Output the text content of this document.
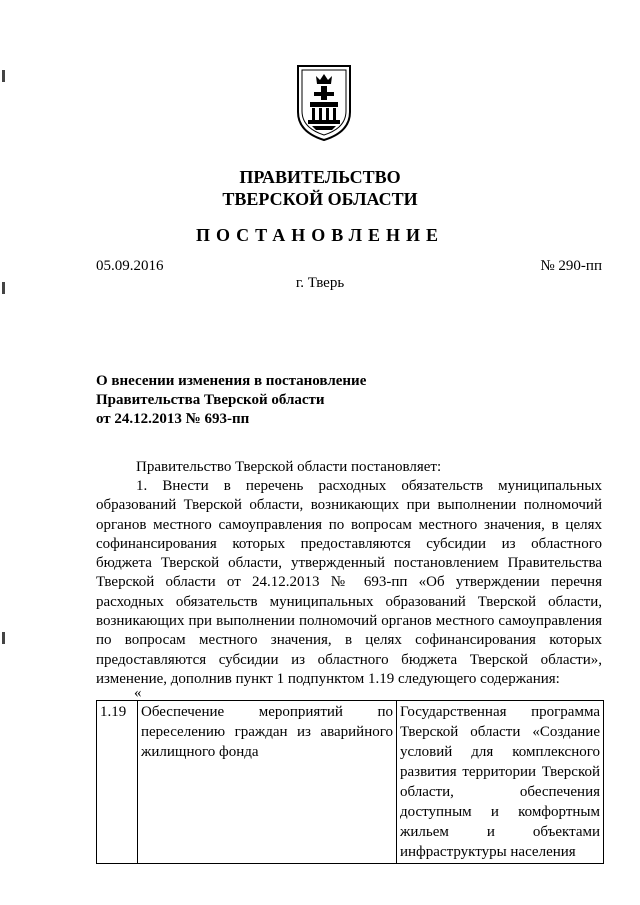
ПРАВИТЕЛЬСТВО
ТВЕРСКОЙ ОБЛАСТИ
ПОСТАНОВЛЕНИЕ
05.09.2016	№ 290-пп
г. Тверь
О внесении изменения в постановление
Правительства Тверской области
от 24.12.2013 № 693-пп
Правительство Тверской области постановляет:
1. Внести в перечень расходных обязательств муниципальных образований Тверской области, возникающих при выполнении полномочий органов местного самоуправления по вопросам местного значения, в целях софинансирования которых предоставляются субсидии из областного бюджета Тверской области, утвержденный постановлением Правительства Тверской области от 24.12.2013 № 693-пп «Об утверждении перечня расходных обязательств муниципальных образований Тверской области, возникающих при выполнении полномочий органов местного самоуправления по вопросам местного значения, в целях софинансирования которых предоставляются субсидии из областного бюджета Тверской области», изменение, дополнив пункт 1 подпунктом 1.19 следующего содержания:
«
1.19	Обеспечение мероприятий по переселению граждан из аварийного жилищного фонда	Государственная программа Тверской области «Создание условий для комплексного развития территории Тверской области, обеспечения доступным и комфортным жильем и объектами инфраструктуры населения
